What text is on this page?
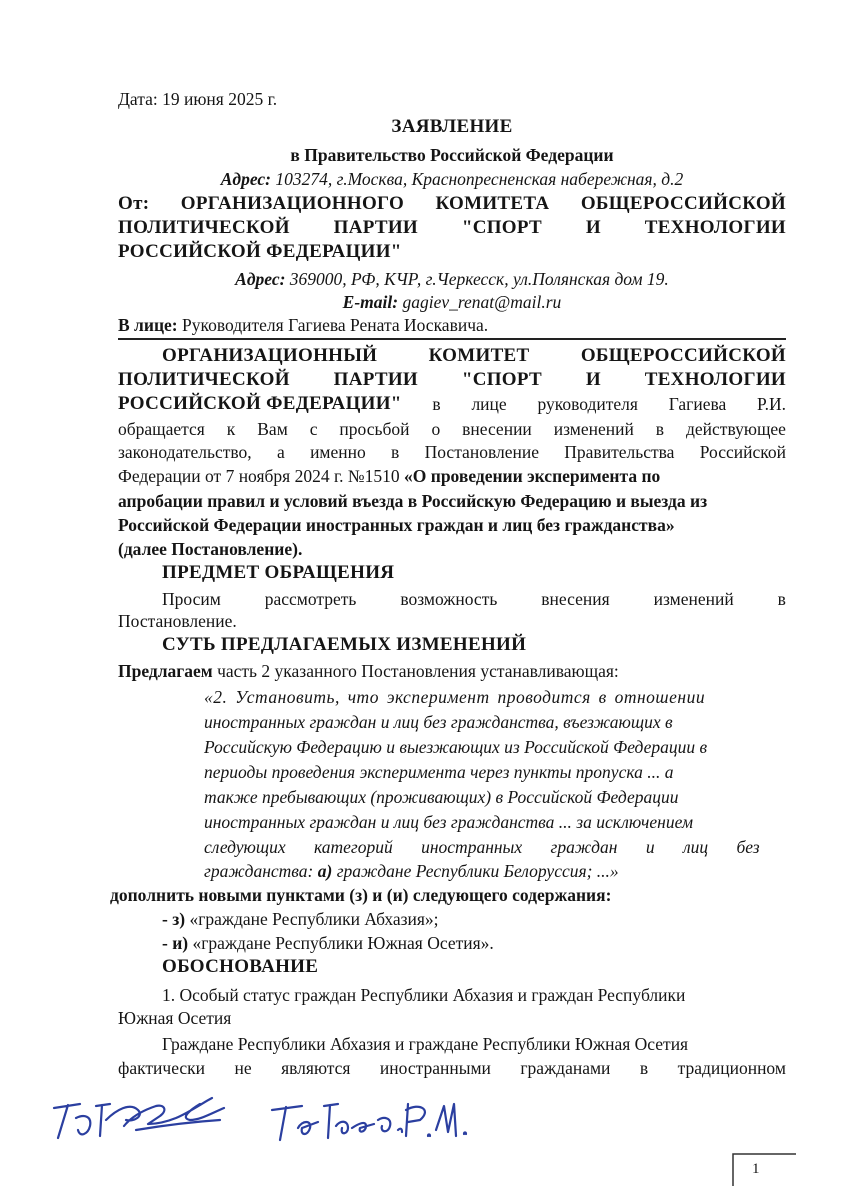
Дата: 19 июня 2025 г.
ЗАЯВЛЕНИЕ
в Правительство Российской Федерации
Адрес: 103274, г.Москва, Краснопресненская набережная, д.2
От: ОРГАНИЗАЦИОННОГО КОМИТЕТА ОБЩЕРОССИЙСКОЙ
ПОЛИТИЧЕСКОЙ ПАРТИИ "СПОРТ И ТЕХНОЛОГИИ
РОССИЙСКОЙ ФЕДЕРАЦИИ"
Адрес: 369000, РФ, КЧР, г.Черкесск, ул.Полянская дом 19.
E-mail: gagiev_renat@mail.ru
В лице: Руководителя Гагиева Рената Иоскавича.
ОРГАНИЗАЦИОННЫЙ	КОМИТЕТ	ОБЩЕРОССИЙСКОЙ
ПОЛИТИЧЕСКОЙ ПАРТИИ "СПОРТ И ТЕХНОЛОГИИ
РОССИЙСКОЙ ФЕДЕРАЦИИ" в лице руководителя Гагиева Р.И.
обращается к Вам с просьбой о внесении изменений в действующее
законодательство, а именно в Постановление Правительства Российской
Федерации от 7 ноября 2024 г. №1510 «О проведении эксперимента по
апробации правил и условий въезда в Российскую Федерацию и выезда из
Российской Федерации иностранных граждан и лиц без гражданства»
(далее Постановление).
ПРЕДМЕТ ОБРАЩЕНИЯ
Просим	рассмотреть	возможность	внесения	изменений	в
Постановление.
СУТЬ ПРЕДЛАГАЕМЫХ ИЗМЕНЕНИЙ
Предлагаем часть 2 указанного Постановления устанавливающая:
«2. Установить, что эксперимент проводится в отношении
иностранных граждан и лиц без гражданства, въезжающих в
Российскую Федерацию и выезжающих из Российской Федерации в
периоды проведения эксперимента через пункты пропуска ... а
также пребывающих (проживающих) в Российской Федерации
иностранных граждан и лиц без гражданства ... за исключением
следующих категорий иностранных граждан и лиц без
гражданства: а) граждане Республики Белоруссия; ...»
дополнить новыми пунктами (з) и (и) следующего содержания:
- з) «граждане Республики Абхазия»;
- и) «граждане Республики Южная Осетия».
ОБОСНОВАНИЕ
1. Особый статус граждан Республики Абхазия и граждан Республики
Южная Осетия
Граждане Республики Абхазия и граждане Республики Южная Осетия
фактически не являются иностранными гражданами в традиционном
1
